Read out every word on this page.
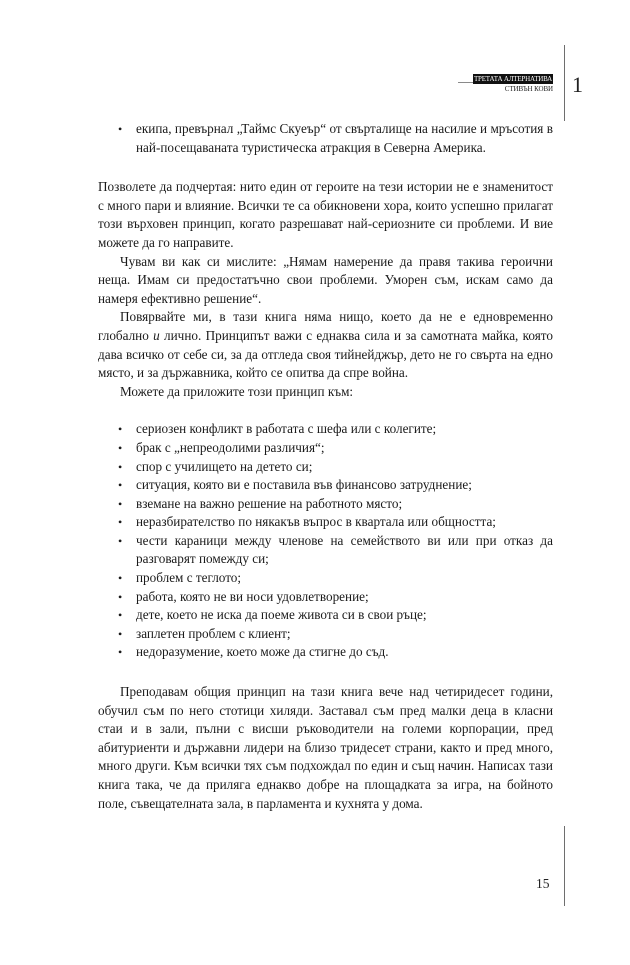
ТРЕТАТА АЛТЕРНАТИВА
СТИВЪН КОВИ 1
• екипа, превърнал „Таймс Скуеър“ от свърталище на насилие и мръсотия в най-посещаваната туристическа атракция в Северна Америка.

Позволете да подчертая: нито един от героите на тези истории не е знаменитост с много пари и влияние. Всички те са обикновени хора, които успешно прилагат този върховен принцип, когато разрешават най-сериозните си проблеми. И вие можете да го направите.

Чувам ви как си мислите: „Нямам намерение да правя такива героични неща. Имам си предостатъчно свои проблеми. Уморен съм, искам само да намеря ефективно решение“.

Повярвайте ми, в тази книга няма нищо, което да не е едновременно глобално и лично. Принципът важи с еднаква сила и за самотната майка, която дава всичко от себе си, за да отгледа своя тийнейджър, дето не го свърта на едно място, и за държавника, който се опитва да спре война.

Можете да приложите този принцип към:

• сериозен конфликт в работата с шефа или с колегите;
• брак с „непреодолими различия“;
• спор с училището на детето си;
• ситуация, която ви е поставила във финансово затруднение;
• вземане на важно решение на работното място;
• неразбирателство по някакъв въпрос в квартала или общността;
• чести караници между членове на семейството ви или при отказ да разговарят помежду си;
• проблем с теглото;
• работа, която не ви носи удовлетворение;
• дете, което не иска да поеме живота си в свои ръце;
• заплетен проблем с клиент;
• недоразумение, което може да стигне до съд.

Преподавам общия принцип на тази книга вече над четиридесет години, обучил съм по него стотици хиляди. Заставал съм пред малки деца в класни стаи и в зали, пълни с висши ръководители на големи корпорации, пред абитуриенти и държавни лидери на близо тридесет страни, както и пред много, много други. Към всички тях съм подхождал по един и същ начин. Написах тази книга така, че да приляга еднакво добре на площадката за игра, на бойното поле, съвещателната зала, в парламента и кухнята у дома.

15
